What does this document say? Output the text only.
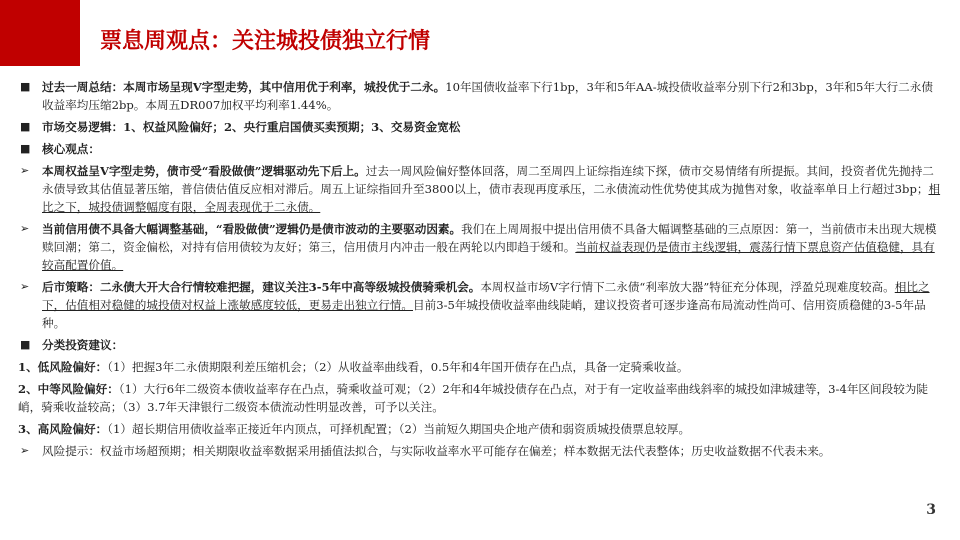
票息周观点：关注城投债独立行情
■ 过去一周总结：本周市场呈现V字型走势，其中信用优于利率，城投优于二永。10年国债收益率下行1bp，3年和5年AA-城投债收益率分别下行2和3bp，3年和5年大行二永债收益率均压缩2bp。本周五DR007加权平均利率1.44%。
■ 市场交易逻辑：1、权益风险偏好；2、央行重启国债买卖预期；3、交易资金宽松
■ 核心观点：
➢ 本周权益呈V字型走势，债市受“看股做债”逻辑驱动先下后上。过去一周风险偏好整体回落，周二至周四上证综指连续下探，债市交易情绪有所提振。其间，投资者优先抛持二永债导致其估值显著压缩，普信债估值反应相对滞后。周五上证综指回升至3800以上，债市表现再度承压，二永债流动性优势使其成为抛售对象，收益率单日上行超过3bp；相比之下，城投债调整幅度有限，全周表现优于二永债。
➢ 当前信用债不具备大幅调整基础，“看股做债”逻辑仍是债市波动的主要驱动因素。我们在上周周报中提出信用债不具备大幅调整基础的三点原因：第一，当前债市未出现大规模赎回潮；第二，资金偏松，对持有信用债较为友好；第三，信用债月内冲击一般在两轮以内即趋于缓和。当前权益表现仍是债市主线逻辑，震荡行情下票息资产估值稳健，具有较高配置价值。
➢ 后市策略：二永债大开大合行情较难把握，建议关注3-5年中高等级城投债骑乘机会。本周权益市场V字行情下二永债“利率放大器”特征充分体现，浮盈兑现难度较高。相比之下，估值相对稳健的城投债对权益上涨敏感度较低，更易走出独立行情。目前3-5年城投债收益率曲线陡峭，建议投资者可逐步逢高布局流动性尚可、信用资质稳健的3-5年品种。
■ 分类投资建议：
1、低风险偏好：（1）把握3年二永债期限利差压缩机会；（2）从收益率曲线看，0.5年和4年国开债存在凸点，具备一定骑乘收益。
2、中等风险偏好：（1）大行6年二级资本债收益率存在凸点，骑乘收益可观；（2）2年和4年城投债存在凸点，对于有一定收益率曲线斜率的城投如津城建等，3-4年区间段较为陡峭，骑乘收益较高；（3）3.7年天津银行二级资本债流动性明显改善，可予以关注。
3、高风险偏好：（1）超长期信用债收益率正接近年内顶点，可择机配置；（2）当前短久期国央企地产债和弱资质城投债票息较厚。
➢ 风险提示：权益市场超预期；相关期限收益率数据采用插值法拟合，与实际收益率水平可能存在偏差；样本数据无法代表整体；历史收益数据不代表未来。
3
